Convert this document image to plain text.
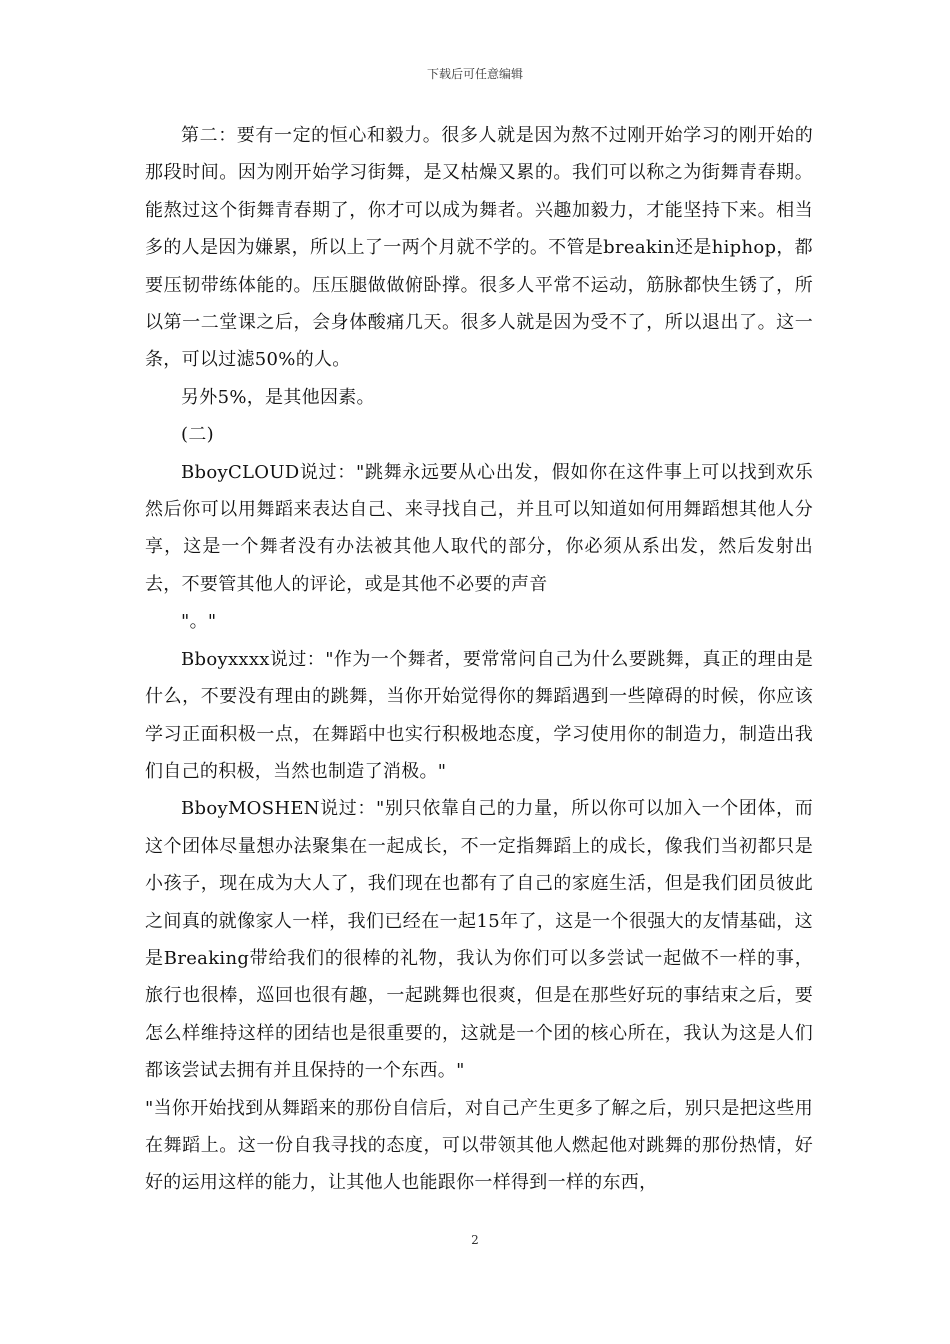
下载后可任意编辑

第二：要有一定的恒心和毅力。很多人就是因为熬不过刚开始学习的刚开始的那段时间。因为刚开始学习街舞，是又枯燥又累的。我们可以称之为街舞青春期。能熬过这个街舞青春期了，你才可以成为舞者。兴趣加毅力，才能坚持下来。相当多的人是因为嫌累，所以上了一两个月就不学的。不管是breakin还是hiphop，都要压韧带练体能的。压压腿做做俯卧撑。很多人平常不运动，筋脉都快生锈了，所以第一二堂课之后，会身体酸痛几天。很多人就是因为受不了，所以退出了。这一条，可以过滤50%的人。

另外5%，是其他因素。

(二)

BboyCLOUD说过："跳舞永远要从心出发，假如你在这件事上可以找到欢乐然后你可以用舞蹈来表达自己、来寻找自己，并且可以知道如何用舞蹈想其他人分享，这是一个舞者没有办法被其他人取代的部分，你必须从系出发，然后发射出去，不要管其他人的评论，或是其他不必要的声音

"。"

Bboyxxxx说过："作为一个舞者，要常常问自己为什么要跳舞，真正的理由是什么，不要没有理由的跳舞，当你开始觉得你的舞蹈遇到一些障碍的时候，你应该学习正面积极一点，在舞蹈中也实行积极地态度，学习使用你的制造力，制造出我们自己的积极，当然也制造了消极。"

BboyMOSHEN说过："别只依靠自己的力量，所以你可以加入一个团体，而这个团体尽量想办法聚集在一起成长，不一定指舞蹈上的成长，像我们当初都只是小孩子，现在成为大人了，我们现在也都有了自己的家庭生活，但是我们团员彼此之间真的就像家人一样，我们已经在一起15年了，这是一个很强大的友情基础，这是Breaking带给我们的很棒的礼物，我认为你们可以多尝试一起做不一样的事，旅行也很棒，巡回也很有趣，一起跳舞也很爽，但是在那些好玩的事结束之后，要怎么样维持这样的团结也是很重要的，这就是一个团的核心所在，我认为这是人们都该尝试去拥有并且保持的一个东西。"

"当你开始找到从舞蹈来的那份自信后，对自己产生更多了解之后，别只是把这些用在舞蹈上。这一份自我寻找的态度，可以带领其他人燃起他对跳舞的那份热情，好好的运用这样的能力，让其他人也能跟你一样得到一样的东西，

2
